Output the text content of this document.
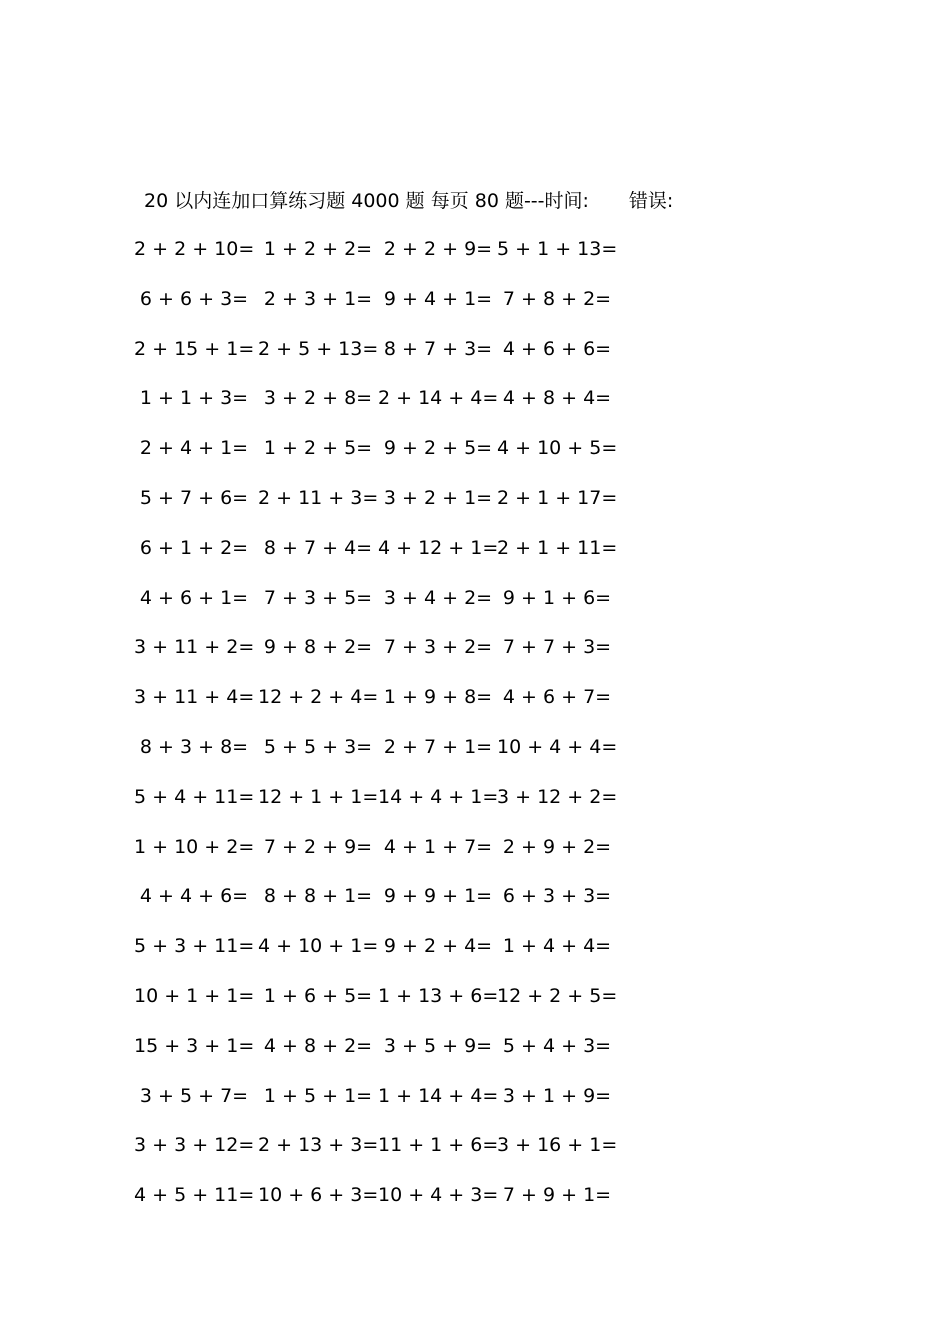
20 以内连加口算练习题 4000 题 每页 80 题---时间: 错误:
2 + 2 + 10= 1 + 2 + 2= 2 + 2 + 9= 5 + 1 + 13=
6 + 6 + 3= 2 + 3 + 1= 9 + 4 + 1= 7 + 8 + 2=
2 + 15 + 1= 2 + 5 + 13= 8 + 7 + 3= 4 + 6 + 6=
1 + 1 + 3= 3 + 2 + 8= 2 + 14 + 4= 4 + 8 + 4=
2 + 4 + 1= 1 + 2 + 5= 9 + 2 + 5= 4 + 10 + 5=
5 + 7 + 6= 2 + 11 + 3= 3 + 2 + 1= 2 + 1 + 17=
6 + 1 + 2= 8 + 7 + 4= 4 + 12 + 1=
2 + 1 + 11=
4 + 6 + 1= 7 + 3 + 5= 3 + 4 + 2= 9 + 1 + 6=
3 + 11 + 2= 9 + 8 + 2= 7 + 3 + 2= 7 + 7 + 3=
3 + 11 + 4= 12 + 2 + 4= 1 + 9 + 8= 4 + 6 + 7=
8 + 3 + 8= 5 + 5 + 3= 2 + 7 + 1= 10 + 4 + 4=
5 + 4 + 11= 12 + 1 + 1= 14 + 4 + 1=
3 + 12 + 2=
1 + 10 + 2= 7 + 2 + 9= 4 + 1 + 7= 2 + 9 + 2=
4 + 4 + 6= 8 + 8 + 1= 9 + 9 + 1= 6 + 3 + 3=
5 + 3 + 11= 4 + 10 + 1= 9 + 2 + 4= 1 + 4 + 4=
10 + 1 + 1= 1 + 6 + 5= 1 + 13 + 6=
12 + 2 + 5=
15 + 3 + 1= 4 + 8 + 2= 3 + 5 + 9= 5 + 4 + 3=
3 + 5 + 7= 1 + 5 + 1= 1 + 14 + 4= 3 + 1 + 9=
3 + 3 + 12= 2 + 13 + 3= 11 + 1 + 6=
3 + 16 + 1=
4 + 5 + 11= 10 + 6 + 3= 10 + 4 + 3= 7 + 9 + 1=
